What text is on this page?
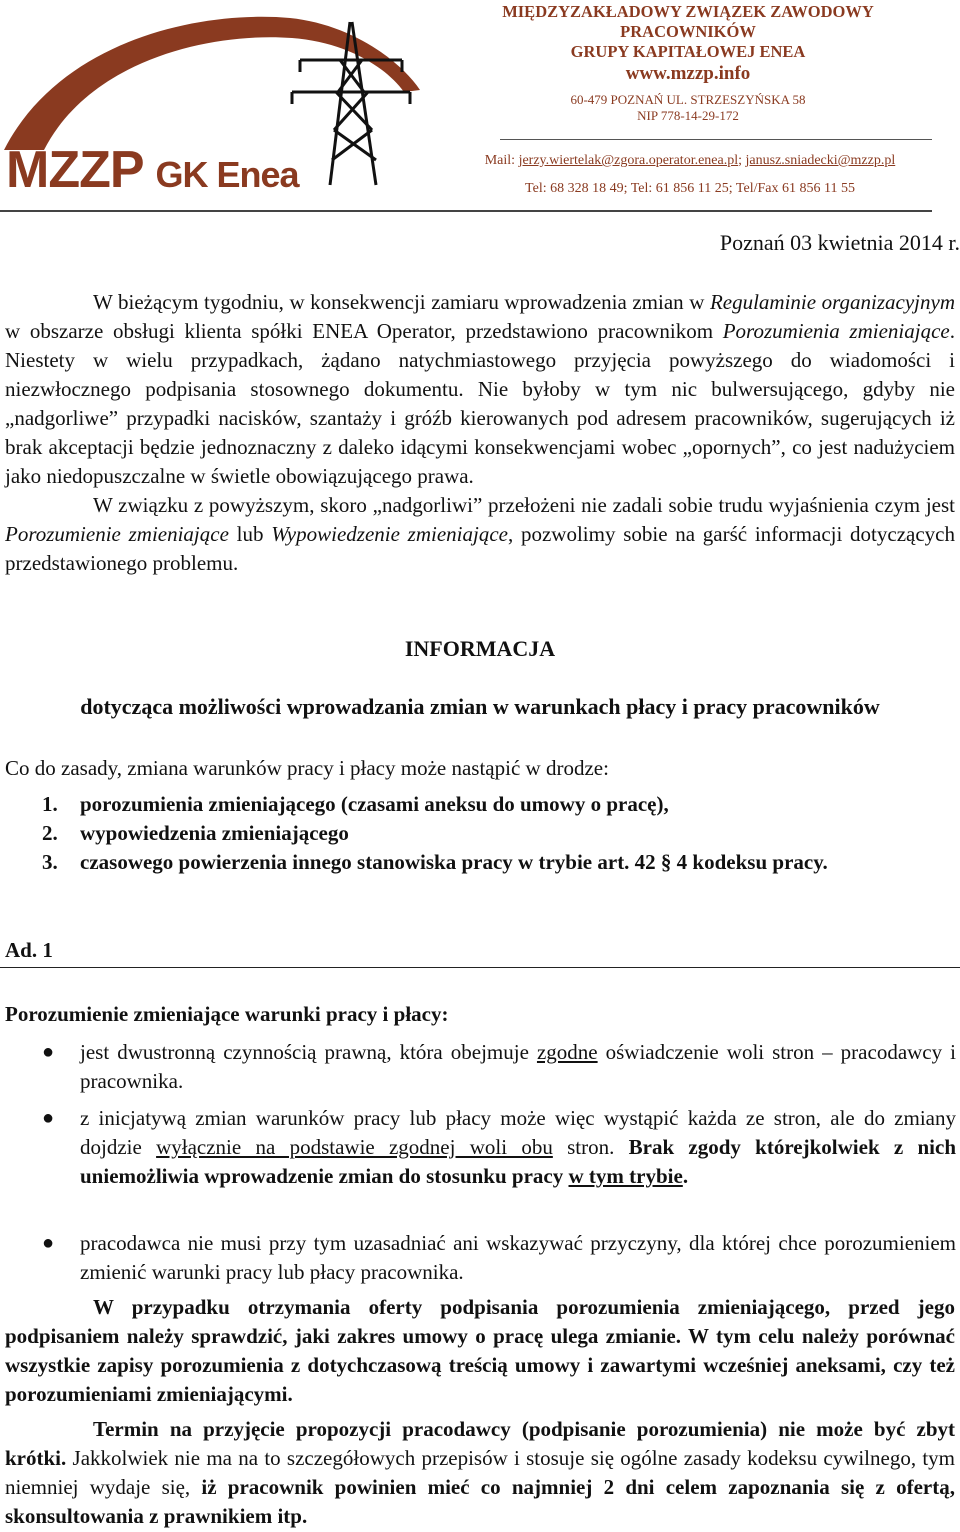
MZZP GK Enea
MIĘDZYZAKŁADOWY ZWIĄZEK ZAWODOWY
PRACOWNIKÓW
GRUPY KAPITAŁOWEJ ENEA
www.mzzp.info
60-479 POZNAŃ UL. STRZESZYŃSKA 58
NIP 778-14-29-172
Mail: jerzy.wiertelak@zgora.operator.enea.pl; janusz.sniadecki@mzzp.pl
Tel: 68 328 18 49; Tel: 61 856 11 25; Tel/Fax 61 856 11 55
Poznań 03 kwietnia 2014 r.

W bieżącym tygodniu, w konsekwencji zamiaru wprowadzenia zmian w Regulaminie organizacyjnym w obszarze obsługi klienta spółki ENEA Operator, przedstawiono pracownikom Porozumienia zmieniające. Niestety w wielu przypadkach, żądano natychmiastowego przyjęcia powyższego do wiadomości i niezwłocznego podpisania stosownego dokumentu. Nie byłoby w tym nic bulwersującego, gdyby nie „nadgorliwe” przypadki nacisków, szantaży i gróźb kierowanych pod adresem pracowników, sugerujących iż brak akceptacji będzie jednoznaczny z daleko idącymi konsekwencjami wobec „opornych”, co jest nadużyciem jako niedopuszczalne w świetle obowiązującego prawa.

W związku z powyższym, skoro „nadgorliwi” przełożeni nie zadali sobie trudu wyjaśnienia czym jest Porozumienie zmieniające lub Wypowiedzenie zmieniające, pozwolimy sobie na garść informacji dotyczących przedstawionego problemu.

INFORMACJA
dotycząca możliwości wprowadzania zmian w warunkach płacy i pracy pracowników
Co do zasady, zmiana warunków pracy i płacy może nastąpić w drodze:
1.	porozumienia zmieniającego (czasami aneksu do umowy o pracę),
2.	wypowiedzenia zmieniającego
3.	czasowego powierzenia innego stanowiska pracy w trybie art. 42 § 4 kodeksu pracy.
Ad. 1
Porozumienie zmieniające warunki pracy i płacy:
●	jest dwustronną czynnością prawną, która obejmuje zgodne oświadczenie woli stron – pracodawcy i pracownika.
●	z inicjatywą zmian warunków pracy lub płacy może więc wystąpić każda ze stron, ale do zmiany dojdzie wyłącznie na podstawie zgodnej woli obu stron. Brak zgody którejkolwiek z nich uniemożliwia wprowadzenie zmian do stosunku pracy w tym trybie.
●	pracodawca nie musi przy tym uzasadniać ani wskazywać przyczyny, dla której chce porozumieniem zmienić warunki pracy lub płacy pracownika.

W przypadku otrzymania oferty podpisania porozumienia zmieniającego, przed jego podpisaniem należy sprawdzić, jaki zakres umowy o pracę ulega zmianie. W tym celu należy porównać wszystkie zapisy porozumienia z dotychczasową treścią umowy i zawartymi wcześniej aneksami, czy też porozumieniami zmieniającymi.

Termin na przyjęcie propozycji pracodawcy (podpisanie porozumienia) nie może być zbyt krótki. Jakkolwiek nie ma na to szczegółowych przepisów i stosuje się ogólne zasady kodeksu cywilnego, tym niemniej wydaje się, iż pracownik powinien mieć co najmniej 2 dni celem zapoznania się z ofertą, skonsultowania z prawnikiem itp.
